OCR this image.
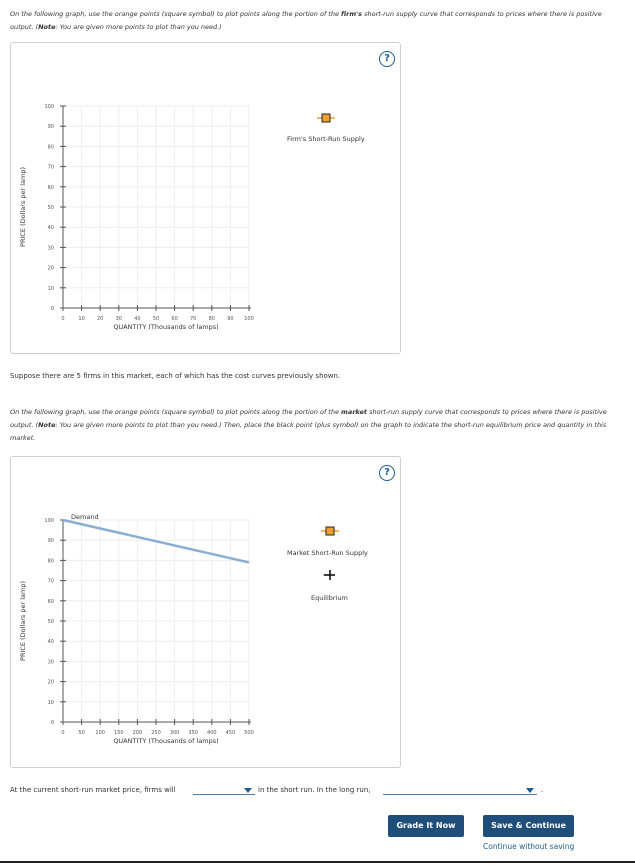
On the following graph, use the orange points (square symbol) to plot points along the portion of the firm's short-run supply curve that corresponds to prices where there is positive output. (Note: You are given more points to plot than you need.)
?
0
10
20
30
40
50
60
70
80
90
100
0	10 20 30 40 50 60 70 80 90 100
QUANTITY (Thousands of lamps)
PRICE (Dollars per lamp)
Firm's Short-Run Supply
Suppose there are 5 firms in this market, each of which has the cost curves previously shown.
On the following graph, use the orange points (square symbol) to plot points along the portion of the market short-run supply curve that corresponds to prices where there is positive output. (Note: You are given more points to plot than you need.) Then, place the black point (plus symbol) on the graph to indicate the short-run equilibrium price and quantity in this market.
?
0
10
20
30
40
50
60
70
80
90
100
0	50 100 150 200 250 300 350 400 450 500
QUANTITY (Thousands of lamps)
PRICE (Dollars per lamp)
Demand
Market Short-Run Supply
Equilibrium
At the current short-run market price, firms will	in the short run. In the long run,	.
Grade It Now	Save & Continue
Continue without saving
